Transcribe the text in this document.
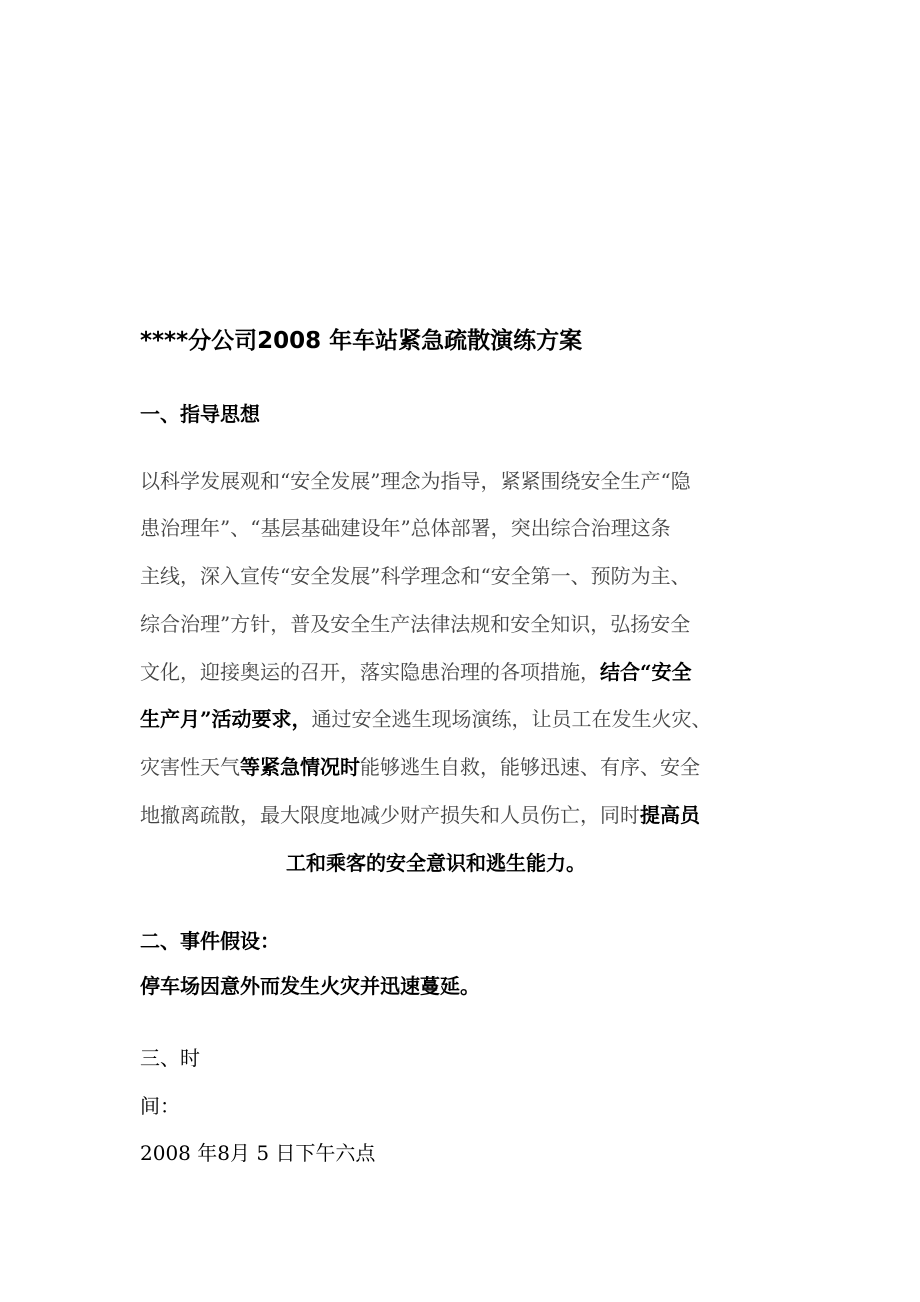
****分公司2008 年车站紧急疏散演练方案
一、指导思想
以科学发展观和“安全发展”理念为指导，紧紧围绕安全生产“隐
患治理年”、“基层基础建设年”总体部署，突出综合治理这条
主线，深入宣传“安全发展”科学理念和“安全第一、预防为主、
综合治理”方针，普及安全生产法律法规和安全知识，弘扬安全
文化，迎接奥运的召开，落实隐患治理的各项措施，结合“安全
生产月”活动要求，通过安全逃生现场演练，让员工在发生火灾、
灾害性天气等紧急情况时能够逃生自救，能够迅速、有序、安全
地撤离疏散，最大限度地减少财产损失和人员伤亡，同时提高员
工和乘客的安全意识和逃生能力。
二、事件假设：
停车场因意外而发生火灾并迅速蔓延。
三、时
间：
2008 年8月 5 日下午六点
